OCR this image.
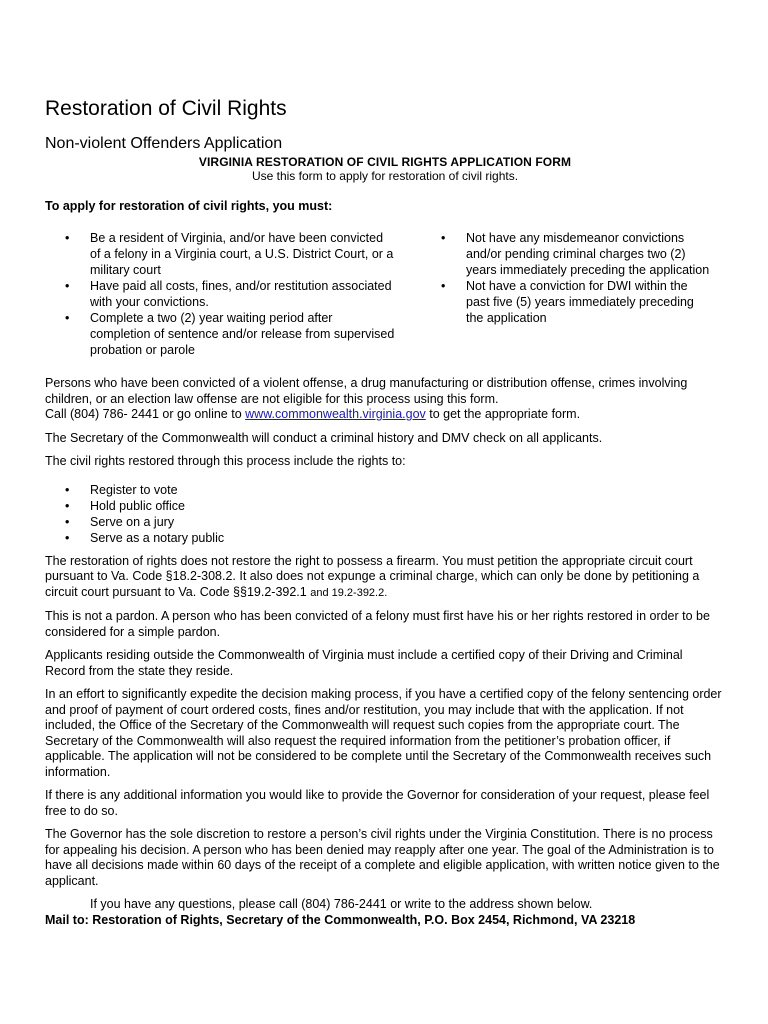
Restoration of Civil Rights
Non-violent Offenders Application

VIRGINIA RESTORATION OF CIVIL RIGHTS APPLICATION FORM

Use this form to apply for restoration of civil rights.

To apply for restoration of civil rights, you must:

• Be a resident of Virginia, and/or have been convicted of a felony in a Virginia court, a U.S. District Court, or a military court
• Have paid all costs, fines, and/or restitution associated with your convictions.
• Complete a two (2) year waiting period after completion of sentence and/or release from supervised probation or parole
• Not have any misdemeanor convictions and/or pending criminal charges two (2) years immediately preceding the application
• Not have a conviction for DWI within the past five (5) years immediately preceding the application

Persons who have been convicted of a violent offense, a drug manufacturing or distribution offense, crimes involving children, or an election law offense are not eligible for this process using this form.
Call (804) 786- 2441 or go online to www.commonwealth.virginia.gov to get the appropriate form.

The Secretary of the Commonwealth will conduct a criminal history and DMV check on all applicants.

The civil rights restored through this process include the rights to:

• Register to vote
• Hold public office
• Serve on a jury
• Serve as a notary public

The restoration of rights does not restore the right to possess a firearm. You must petition the appropriate circuit court pursuant to Va. Code §18.2-308.2. It also does not expunge a criminal charge, which can only be done by petitioning a circuit court pursuant to Va. Code §§19.2-392.1 and 19.2-392.2.

This is not a pardon. A person who has been convicted of a felony must first have his or her rights restored in order to be considered for a simple pardon.

Applicants residing outside the Commonwealth of Virginia must include a certified copy of their Driving and Criminal Record from the state they reside.

In an effort to significantly expedite the decision making process, if you have a certified copy of the felony sentencing order and proof of payment of court ordered costs, fines and/or restitution, you may include that with the application. If not included, the Office of the Secretary of the Commonwealth will request such copies from the appropriate court. The Secretary of the Commonwealth will also request the required information from the petitioner’s probation officer, if applicable. The application will not be considered to be complete until the Secretary of the Commonwealth receives such information.

If there is any additional information you would like to provide the Governor for consideration of your request, please feel free to do so.

The Governor has the sole discretion to restore a person’s civil rights under the Virginia Constitution. There is no process for appealing his decision. A person who has been denied may reapply after one year. The goal of the Administration is to have all decisions made within 60 days of the receipt of a complete and eligible application, with written notice given to the applicant.

If you have any questions, please call (804) 786-2441 or write to the address shown below.

Mail to: Restoration of Rights, Secretary of the Commonwealth, P.O. Box 2454, Richmond, VA 23218
